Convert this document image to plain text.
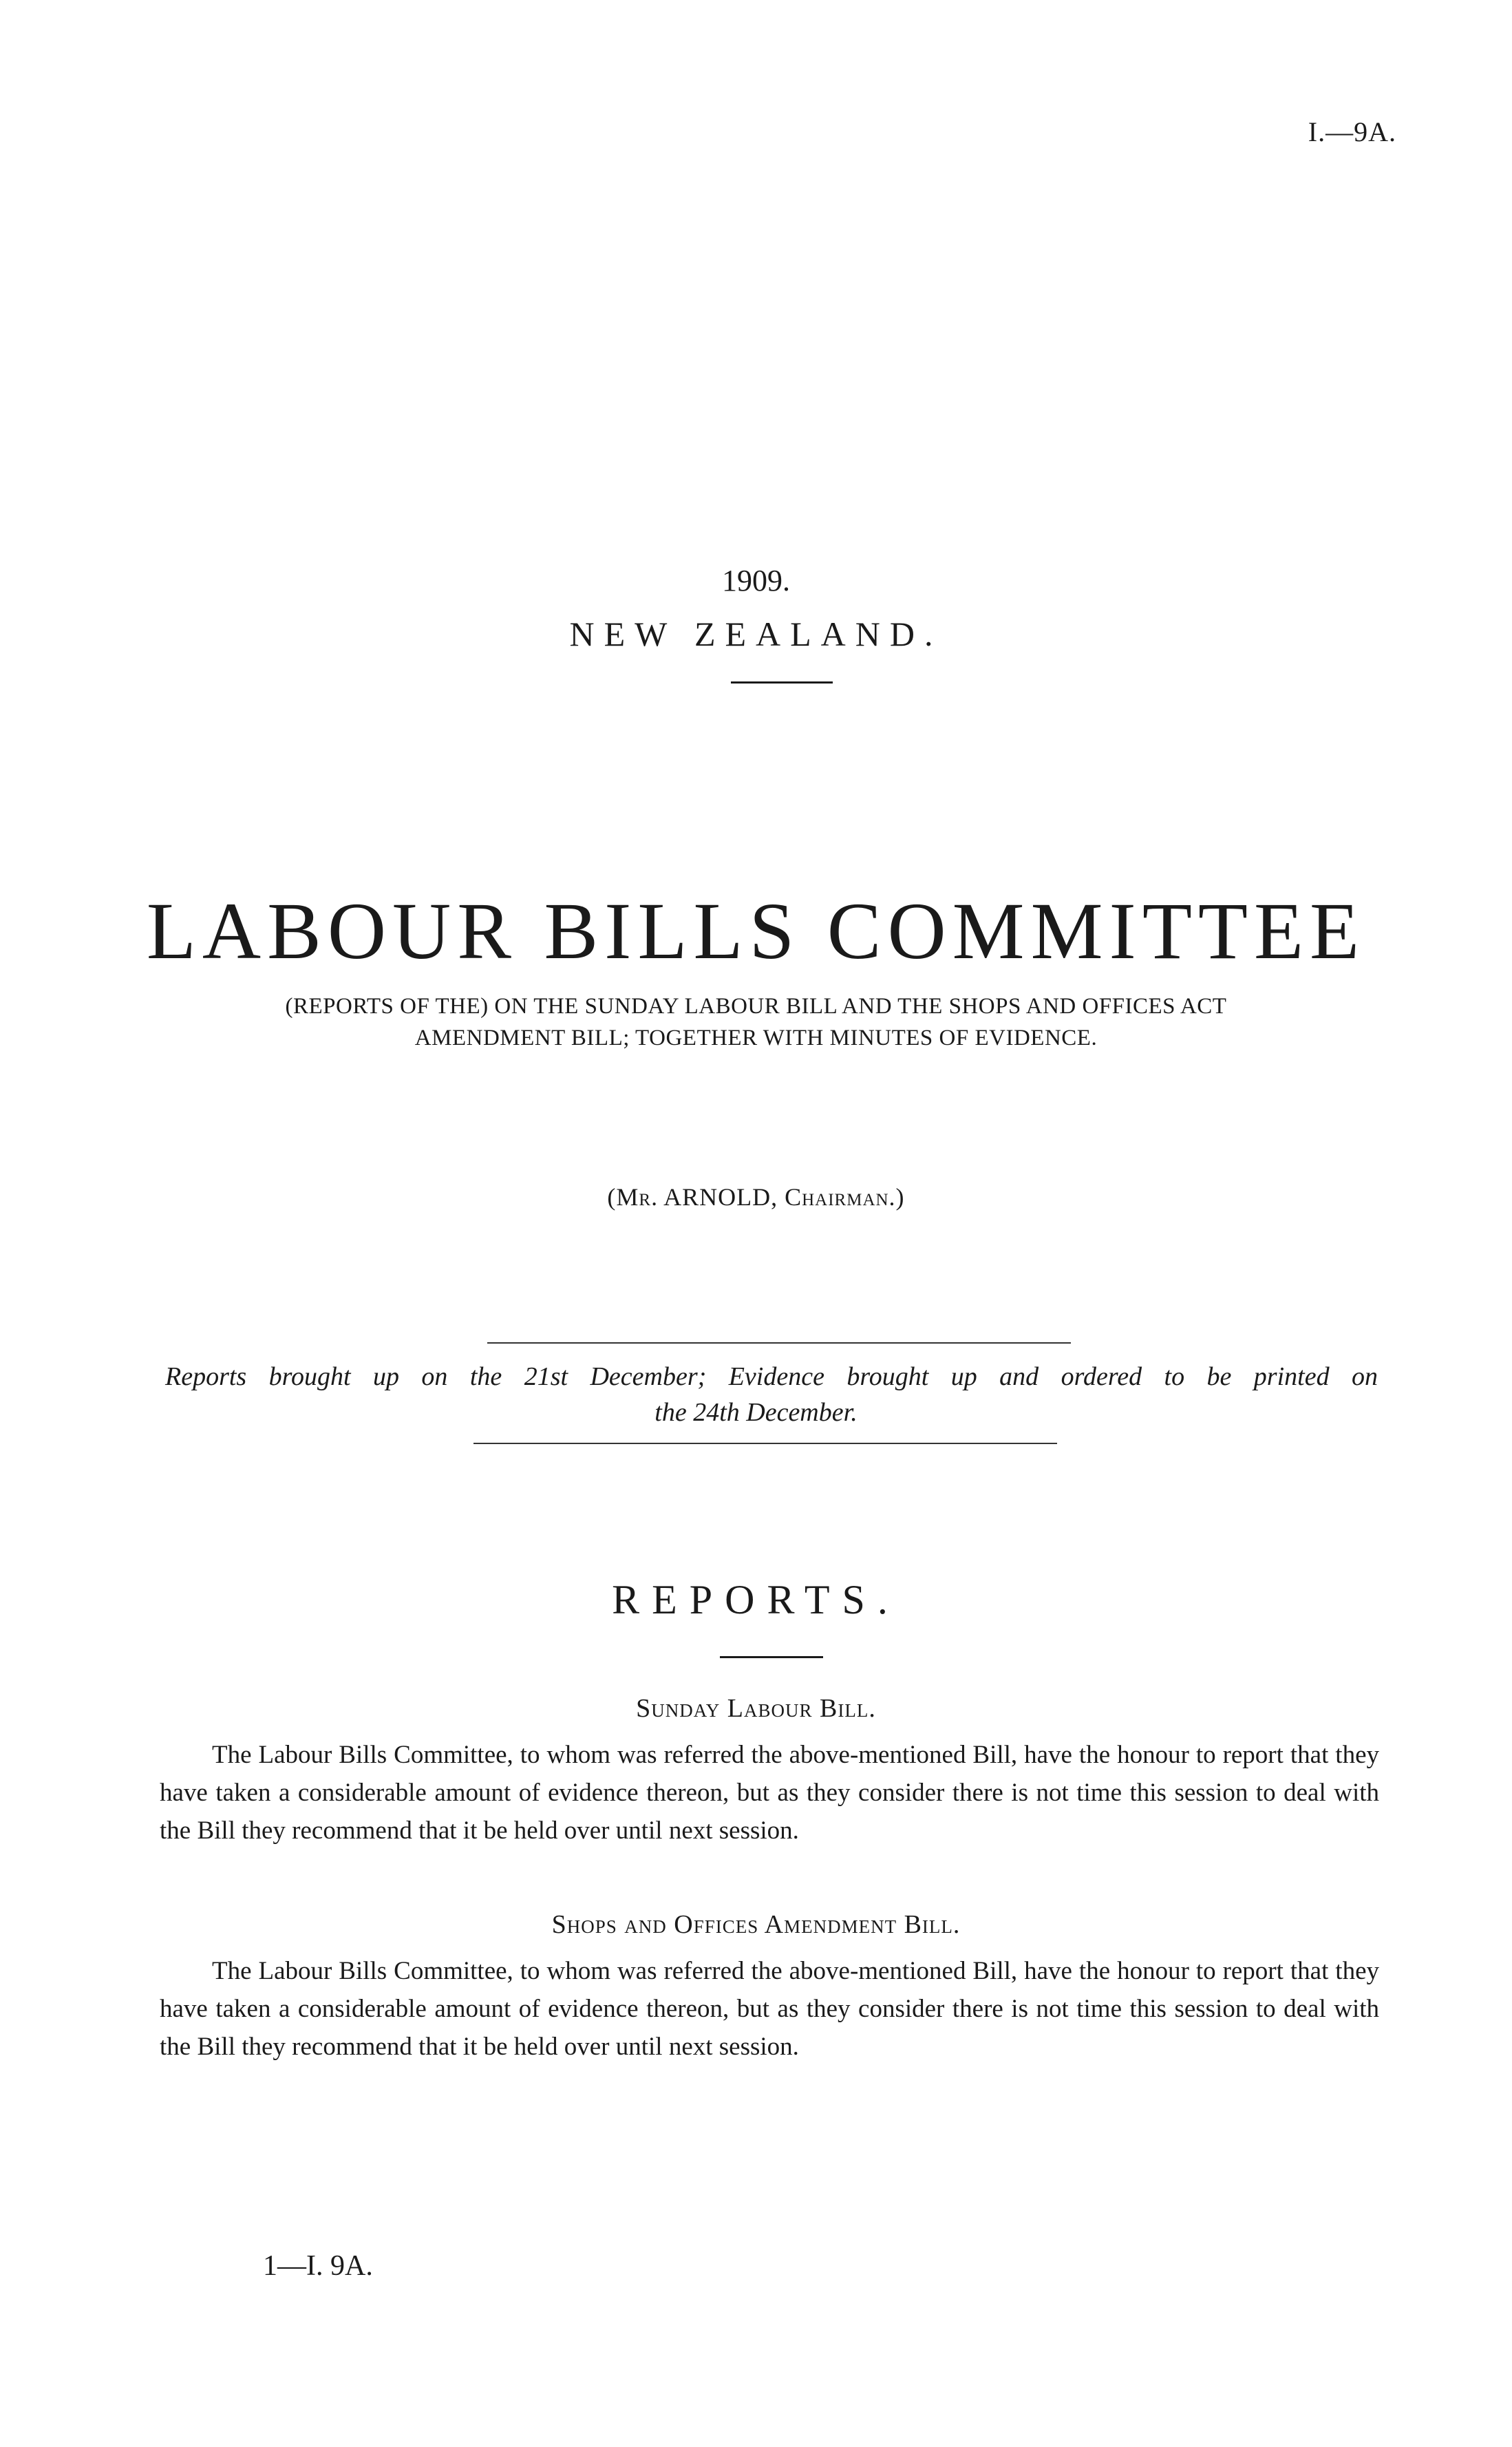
I.—9A.
1909.
NEW ZEALAND.
LABOUR BILLS COMMITTEE
(REPORTS OF THE) ON THE SUNDAY LABOUR BILL AND THE SHOPS AND OFFICES ACT
AMENDMENT BILL; TOGETHER WITH MINUTES OF EVIDENCE.
(Mr. ARNOLD, Chairman.)
Reports brought up on the 21st December; Evidence brought up and ordered to be printed on
the 24th December.
REPORTS.
Sunday Labour Bill.

The Labour Bills Committee, to whom was referred the above-mentioned Bill, have the honour to report that they have taken a considerable amount of evidence thereon, but as they consider there is not time this session to deal with the Bill they recommend that it be held over until next session.

Shops and Offices Amendment Bill.

The Labour Bills Committee, to whom was referred the above-mentioned Bill, have the honour to report that they have taken a considerable amount of evidence thereon, but as they consider there is not time this session to deal with the Bill they recommend that it be held over until next session.

1—I. 9A.
